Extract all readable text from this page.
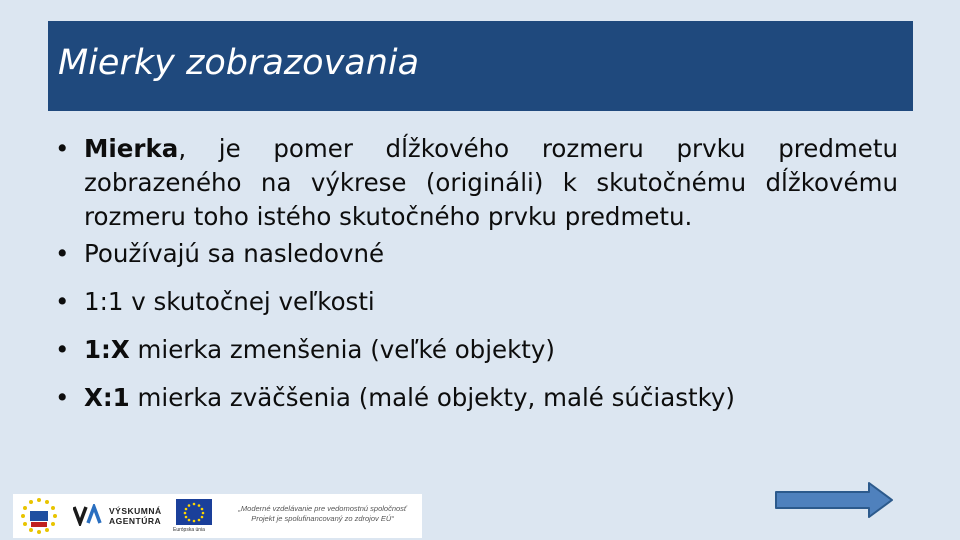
Mierky zobrazovania
• Mierka, je pomer dĺžkového rozmeru prvku predmetu zobrazeného na výkrese (origináli) k skutočnému dĺžkovému rozmeru toho istého skutočného prvku predmetu.
• Používajú sa nasledovné
• 1:1 v skutočnej veľkosti
• 1:X mierka zmenšenia (veľké objekty)
• X:1 mierka zväčšenia (malé objekty, malé súčiastky)
VÝSKUMNÁ
AGENTÚRA
Európska únia
„Moderné vzdelávanie pre vedomostnú spoločnosť
Projekt je spolufinancovaný zo zdrojov EÚ“
